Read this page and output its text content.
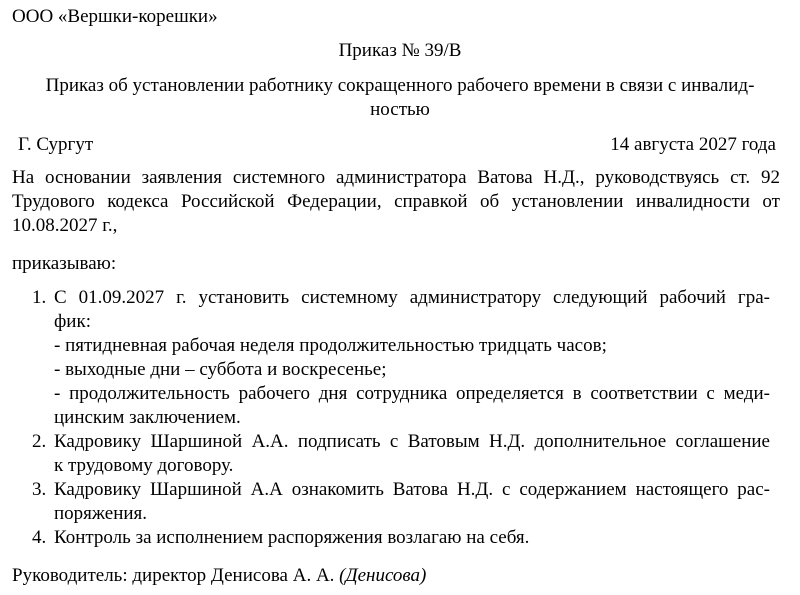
ООО «Вершки-корешки»
Приказ № 39/В
Приказ об установлении работнику сокращенного рабочего времени в связи с инвалид-
ностью
Г. Сургут	14 августа 2027 года
На основании заявления системного администратора Ватова Н.Д., руководствуясь ст. 92
Трудового кодекса Российской Федерации, справкой об установлении инвалидности от
10.08.2027 г.,
приказываю:
1. С 01.09.2027 г. установить системному администратору следующий рабочий гра-
фик:
- пятидневная рабочая неделя продолжительностью тридцать часов;
- выходные дни – суббота и воскресенье;
- продолжительность рабочего дня сотрудника определяется в соответствии с меди-
цинским заключением.
2. Кадровику Шаршиной А.А. подписать с Ватовым Н.Д. дополнительное соглашение
к трудовому договору.
3. Кадровику Шаршиной А.А ознакомить Ватова Н.Д. с содержанием настоящего рас-
поряжения.
4. Контроль за исполнением распоряжения возлагаю на себя.
Руководитель: директор Денисова А. А. (Денисова)
